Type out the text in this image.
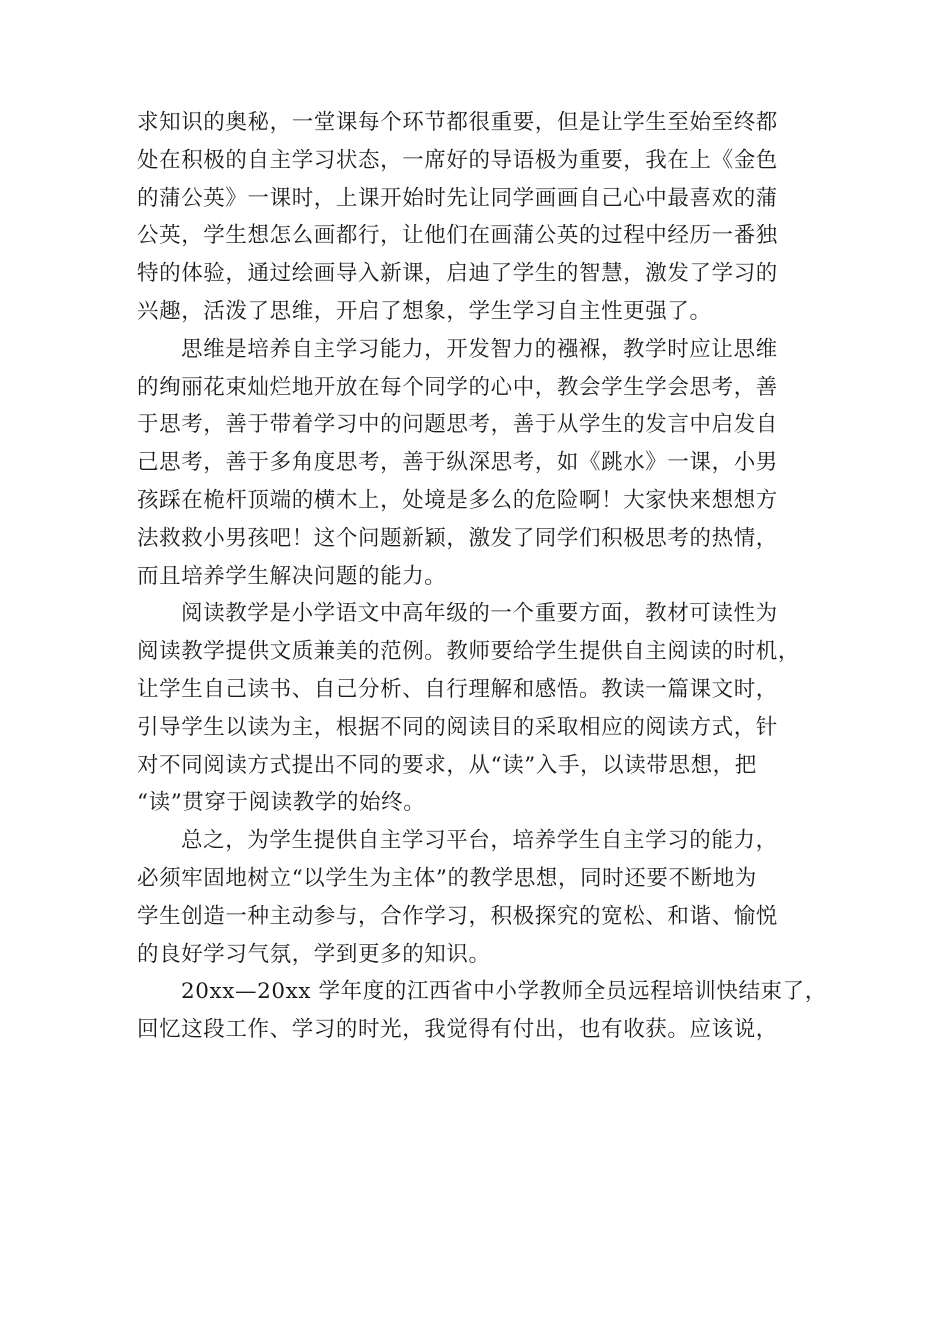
求知识的奥秘，一堂课每个环节都很重要，但是让学生至始至终都
处在积极的自主学习状态，一席好的导语极为重要，我在上《金色
的蒲公英》一课时，上课开始时先让同学画画自己心中最喜欢的蒲
公英，学生想怎么画都行，让他们在画蒲公英的过程中经历一番独
特的体验，通过绘画导入新课，启迪了学生的智慧，激发了学习的
兴趣，活泼了思维，开启了想象，学生学习自主性更强了。
思维是培养自主学习能力，开发智力的襁褓，教学时应让思维
的绚丽花束灿烂地开放在每个同学的心中，教会学生学会思考，善
于思考，善于带着学习中的问题思考，善于从学生的发言中启发自
己思考，善于多角度思考，善于纵深思考，如《跳水》一课，小男
孩踩在桅杆顶端的横木上，处境是多么的危险啊！大家快来想想方
法救救小男孩吧！这个问题新颖，激发了同学们积极思考的热情，
而且培养学生解决问题的能力。
阅读教学是小学语文中高年级的一个重要方面，教材可读性为
阅读教学提供文质兼美的范例。教师要给学生提供自主阅读的时机，
让学生自己读书、自己分析、自行理解和感悟。教读一篇课文时，
引导学生以读为主，根据不同的阅读目的采取相应的阅读方式，针
对不同阅读方式提出不同的要求，从“读”入手，以读带思想，把
“读”贯穿于阅读教学的始终。
总之，为学生提供自主学习平台，培养学生自主学习的能力，
必须牢固地树立“以学生为主体”的教学思想，同时还要不断地为
学生创造一种主动参与，合作学习，积极探究的宽松、和谐、愉悦
的良好学习气氛，学到更多的知识。
20xx—20xx 学年度的江西省中小学教师全员远程培训快结束了，
回忆这段工作、学习的时光，我觉得有付出，也有收获。应该说，
